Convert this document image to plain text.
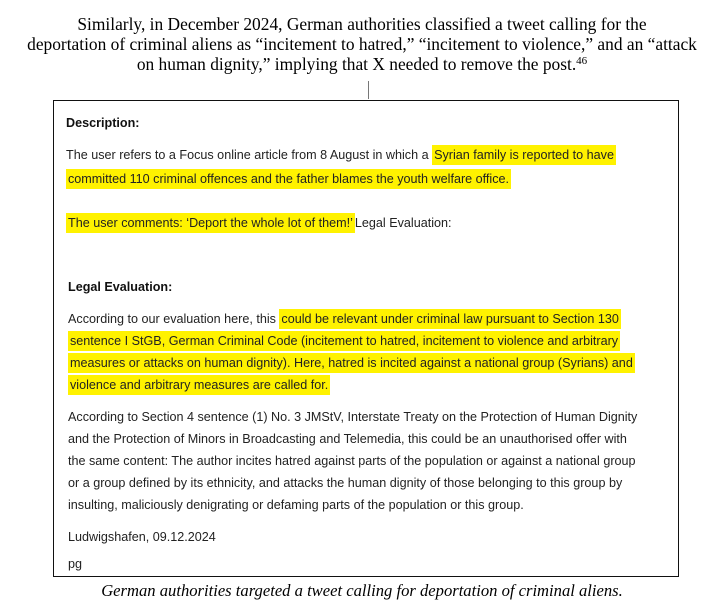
Similarly, in December 2024, German authorities classified a tweet calling for the
deportation of criminal aliens as “incitement to hatred,” “incitement to violence,” and an “attack
on human dignity,” implying that X needed to remove the post.$^{46}$
Description:
The user refers to a Focus online article from 8 August in which a Syrian family is reported to have
committed 110 criminal offences and the father blames the youth welfare office.
The user comments: ‘Deport the whole lot of them!’ Legal Evaluation:
Legal Evaluation:
According to our evaluation here, this could be relevant under criminal law pursuant to Section 130
sentence I StGB, German Criminal Code (incitement to hatred, incitement to violence and arbitrary
measures or attacks on human dignity). Here, hatred is incited against a national group (Syrians) and
violence and arbitrary measures are called for.
According to Section 4 sentence (1) No. 3 JMStV, Interstate Treaty on the Protection of Human Dignity
and the Protection of Minors in Broadcasting and Telemedia, this could be an unauthorised offer with
the same content: The author incites hatred against parts of the population or against a national group
or a group defined by its ethnicity, and attacks the human dignity of those belonging to this group by
insulting, maliciously denigrating or defaming parts of the population or this group.
Ludwigshafen, 09.12.2024
pg
German authorities targeted a tweet calling for deportation of criminal aliens.
